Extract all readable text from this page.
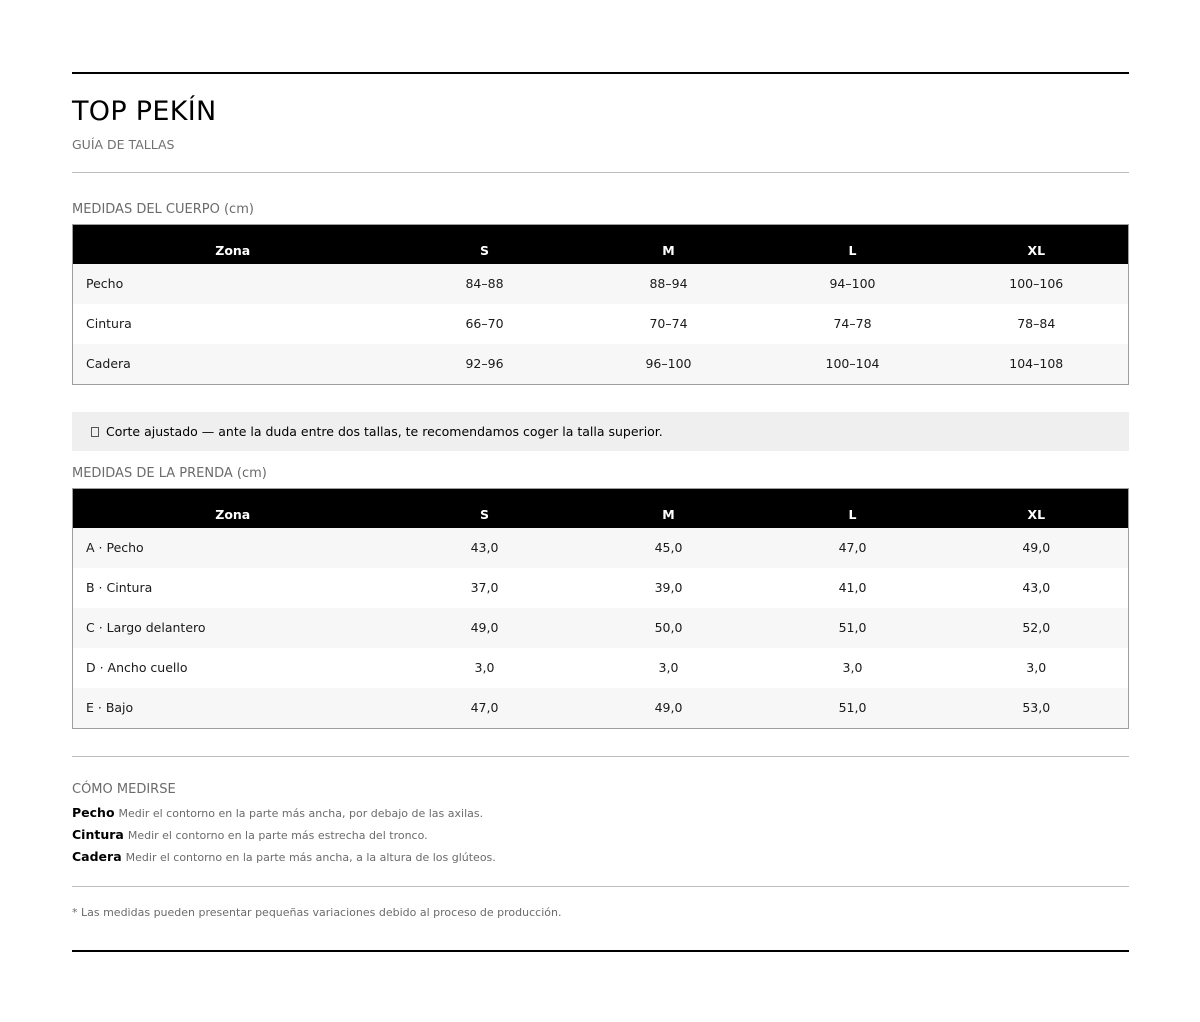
TOP PEKÍN
GUÍA DE TALLAS
MEDIDAS DEL CUERPO (cm)
Zona	S	M	L	XL
Pecho	84–88	88–94	94–100	100–106
Cintura	66–70	70–74	74–78	78–84
Cadera	92–96	96–100	100–104	104–108
Corte ajustado — ante la duda entre dos tallas, te recomendamos coger la talla superior.
MEDIDAS DE LA PRENDA (cm)
Zona	S	M	L	XL
A · Pecho	43,0	45,0	47,0	49,0
B · Cintura	37,0	39,0	41,0	43,0
C · Largo delantero	49,0	50,0	51,0	52,0
D · Ancho cuello	3,0	3,0	3,0	3,0
E · Bajo	47,0	49,0	51,0	53,0
CÓMO MEDIRSE
Pecho Medir el contorno en la parte más ancha, por debajo de las axilas.
Cintura Medir el contorno en la parte más estrecha del tronco.
Cadera Medir el contorno en la parte más ancha, a la altura de los glúteos.
* Las medidas pueden presentar pequeñas variaciones debido al proceso de producción.
